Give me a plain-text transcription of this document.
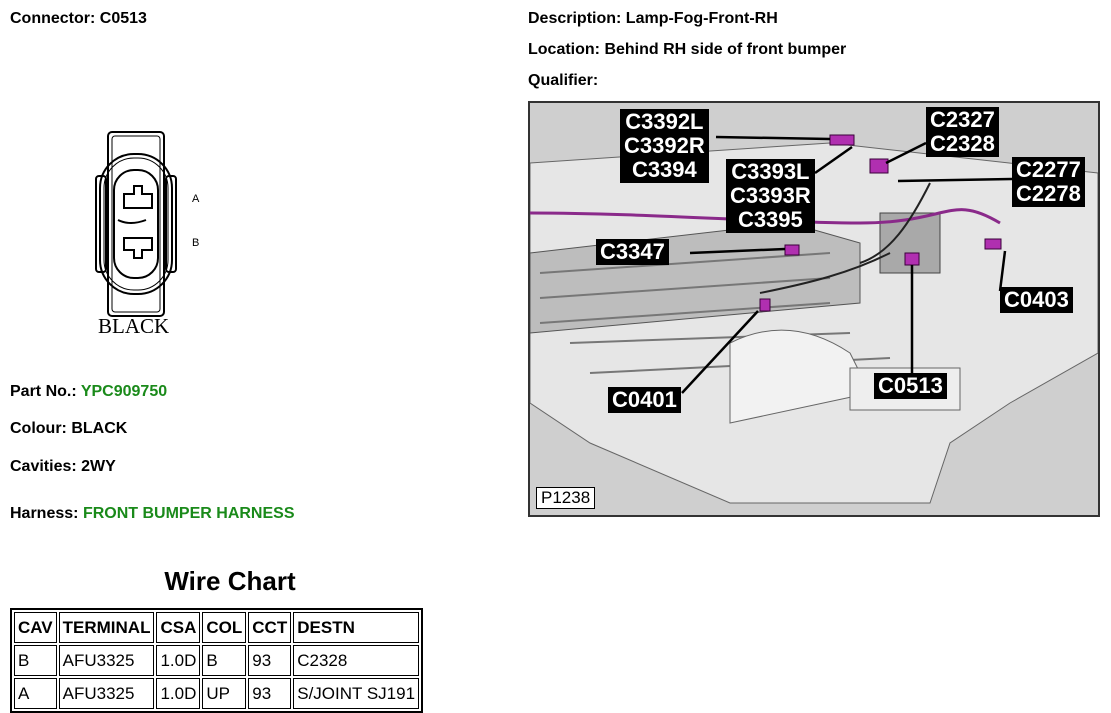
Connector: C0513	Description: Lamp-Fog-Front-RH
Location: Behind RH side of front bumper
Qualifier:
A
B
BLACK
Part No.: YPC909750
Colour: BLACK
Cavities: 2WY
Harness: FRONT BUMPER HARNESS
C3392L
C3392R
C3394
C2327
C2328
C3393L
C3393R
C3395
C2277
C2278
C3347
C0403
C0513
C0401
P1238
Wire Chart
CAV	TERMINAL	CSA	COL	CCT	DESTN
B	AFU3325	1.0D	B	93	C2328
A	AFU3325	1.0D	UP	93	S/JOINT SJ191
